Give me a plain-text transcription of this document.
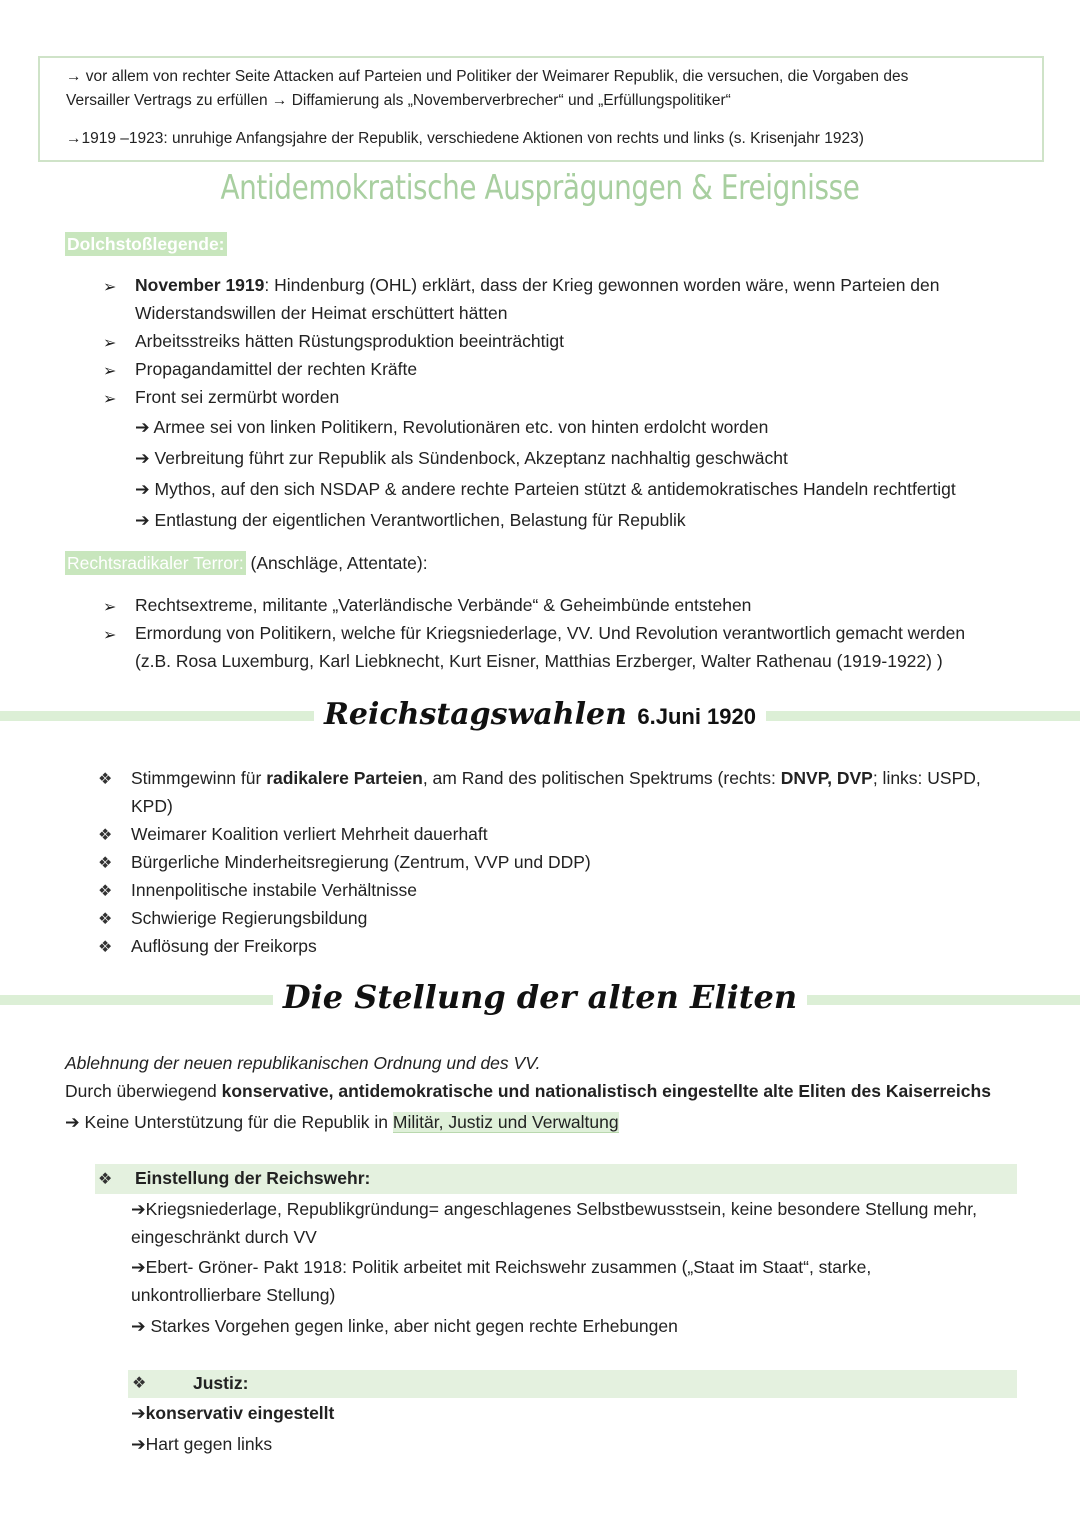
→ vor allem von rechter Seite Attacken auf Parteien und Politiker der Weimarer Republik, die versuchen, die Vorgaben des
Versailler Vertrags zu erfüllen → Diffamierung als „Novemberverbrecher“ und „Erfüllungspolitiker“
→1919 –1923: unruhige Anfangsjahre der Republik, verschiedene Aktionen von rechts und links (s. Krisenjahr 1923)
Antidemokratische Ausprägungen & Ereignisse
Dolchstoßlegende:
➢ November 1919: Hindenburg (OHL) erklärt, dass der Krieg gewonnen worden wäre, wenn Parteien den
Widerstandswillen der Heimat erschüttert hätten
➢ Arbeitsstreiks hätten Rüstungsproduktion beeinträchtigt
➢ Propagandamittel der rechten Kräfte
➢ Front sei zermürbt worden
➔ Armee sei von linken Politikern, Revolutionären etc. von hinten erdolcht worden
➔ Verbreitung führt zur Republik als Sündenbock, Akzeptanz nachhaltig geschwächt
➔ Mythos, auf den sich NSDAP & andere rechte Parteien stützt & antidemokratisches Handeln rechtfertigt
➔ Entlastung der eigentlichen Verantwortlichen, Belastung für Republik
Rechtsradikaler Terror: (Anschläge, Attentate):
➢ Rechtsextreme, militante „Vaterländische Verbände“ & Geheimbünde entstehen
➢ Ermordung von Politikern, welche für Kriegsniederlage, VV. Und Revolution verantwortlich gemacht werden
(z.B. Rosa Luxemburg, Karl Liebknecht, Kurt Eisner, Matthias Erzberger, Walter Rathenau (1919-1922) )
Reichstagswahlen 6.Juni 1920
❖ Stimmgewinn für radikalere Parteien, am Rand des politischen Spektrums (rechts: DNVP, DVP; links: USPD,
KPD)
❖ Weimarer Koalition verliert Mehrheit dauerhaft
❖ Bürgerliche Minderheitsregierung (Zentrum, VVP und DDP)
❖ Innenpolitische instabile Verhältnisse
❖ Schwierige Regierungsbildung
❖ Auflösung der Freikorps
Die Stellung der alten Eliten
Ablehnung der neuen republikanischen Ordnung und des VV.
Durch überwiegend konservative, antidemokratische und nationalistisch eingestellte alte Eliten des Kaiserreichs
➔ Keine Unterstützung für die Republik in Militär, Justiz und Verwaltung
❖ Einstellung der Reichswehr:
➔Kriegsniederlage, Republikgründung= angeschlagenes Selbstbewusstsein, keine besondere Stellung mehr,
eingeschränkt durch VV
➔Ebert- Gröner- Pakt 1918: Politik arbeitet mit Reichswehr zusammen („Staat im Staat“, starke,
unkontrollierbare Stellung)
➔ Starkes Vorgehen gegen linke, aber nicht gegen rechte Erhebungen
❖	Justiz:
➔konservativ eingestellt
➔Hart gegen links
